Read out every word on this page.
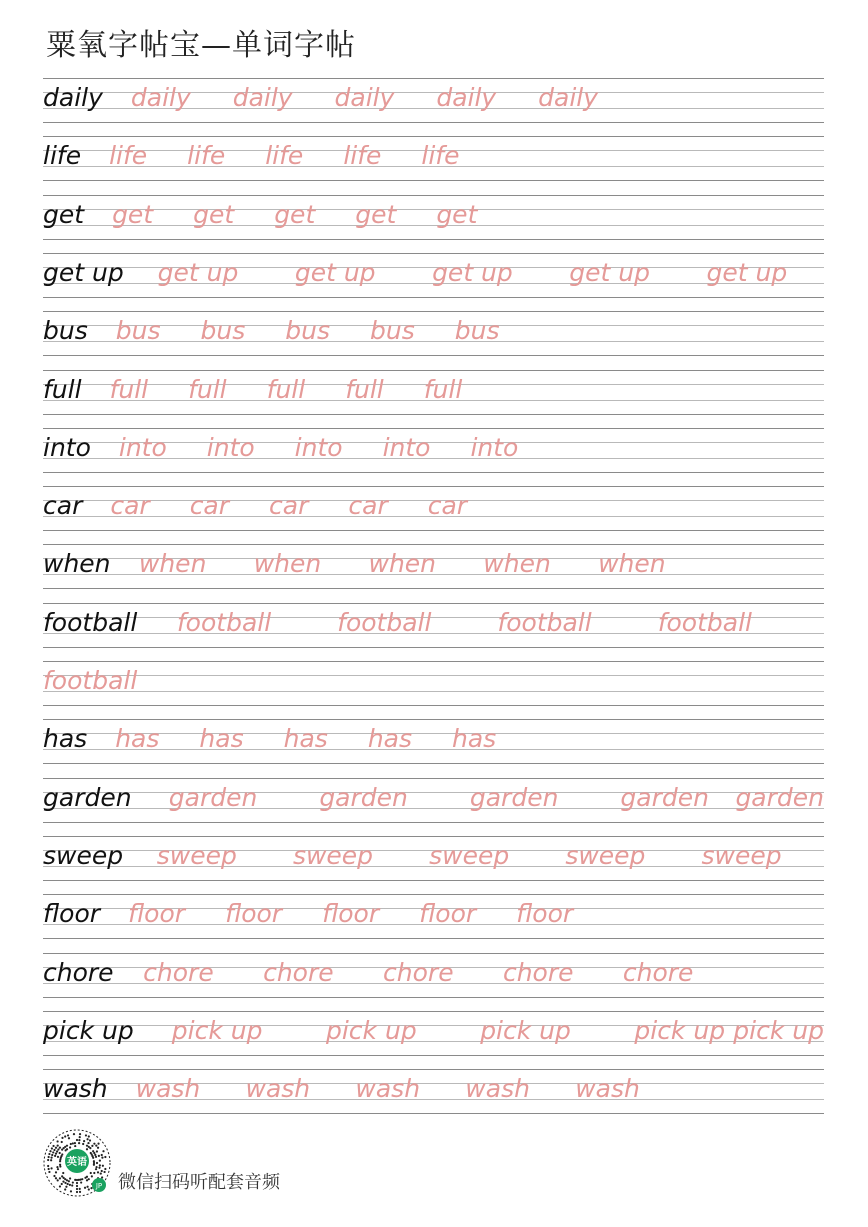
粟氧字帖宝—单词字帖
daily daily daily daily daily daily
life life life life life life
get get get get get get
get up get up get up get up get up get up
bus bus bus bus bus bus
full full full full full full
into into into into into into
car car car car car car
when when when when when when
football football	football	football	football
football
has has has has has has
garden garden garden garden garden garden
sweep sweep sweep sweep sweep sweep
floor floor floor floor floor floor
chore chore chore chore chore chore
pick up pick up	pick up	pick up	pick up pick up
wash wash wash wash wash wash
英语
JP 微信扫码听配套音频
